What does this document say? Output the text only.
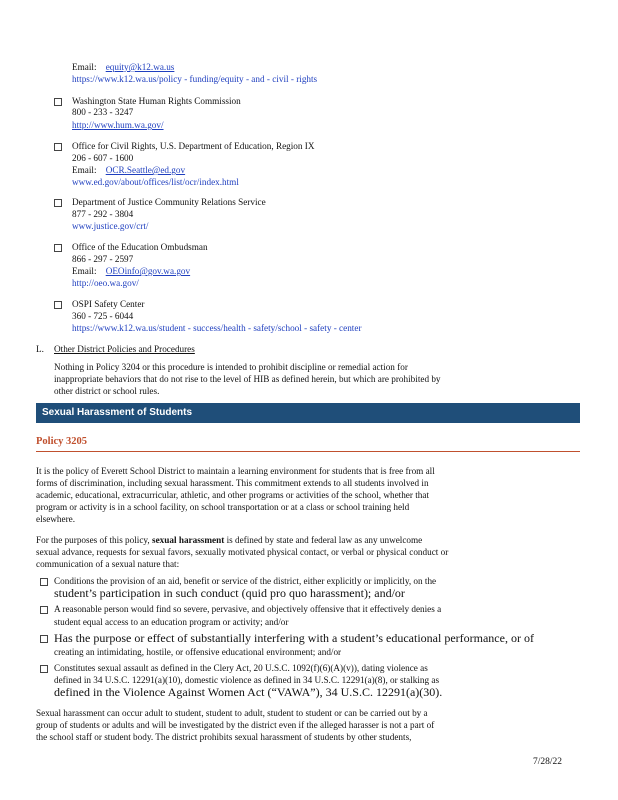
Email: equity@k12.wa.us
https://www.k12.wa.us/policy - funding/equity - and - civil - rights
Washington State Human Rights Commission
800 - 233 - 3247
http://www.hum.wa.gov/
Office for Civil Rights, U.S. Department of Education, Region IX
206 - 607 - 1600
Email: OCR.Seattle@ed.gov
www.ed.gov/about/offices/list/ocr/index.html
Department of Justice Community Relations Service
877 - 292 - 3804
www.justice.gov/crt/
Office of the Education Ombudsman
866 - 297 - 2597
Email: OEOinfo@gov.wa.gov
http://oeo.wa.gov/
OSPI Safety Center
360 - 725 - 6044
https://www.k12.wa.us/student - success/health - safety/school - safety - center
L. Other District Policies and Procedures
Nothing in Policy 3204 or this procedure is intended to prohibit discipline or remedial action for
inappropriate behaviors that do not rise to the level of HIB as defined herein, but which are prohibited by
other district or school rules.
Sexual Harassment of Students
Policy 3205
It is the policy of Everett School District to maintain a learning environment for students that is free from all
forms of discrimination, including sexual harassment. This commitment extends to all students involved in
academic, educational, extracurricular, athletic, and other programs or activities of the school, whether that
program or activity is in a school facility, on school transportation or at a class or school training held
elsewhere.
For the purposes of this policy, sexual harassment is defined by state and federal law as any unwelcome
sexual advance, requests for sexual favors, sexually motivated physical contact, or verbal or physical conduct or
communication of a sexual nature that:
Conditions the provision of an aid, benefit or service of the district, either explicitly or implicitly, on the
student’s participation in such conduct (quid pro quo harassment); and/or
A reasonable person would find so severe, pervasive, and objectively offensive that it effectively denies a
student equal access to an education program or activity; and/or
Has the purpose or effect of substantially interfering with a student’s educational performance, or of
creating an intimidating, hostile, or offensive educational environment; and/or
Constitutes sexual assault as defined in the Clery Act, 20 U.S.C. 1092(f)(6)(A)(v)), dating violence as
defined in 34 U.S.C. 12291(a)(10), domestic violence as defined in 34 U.S.C. 12291(a)(8), or stalking as
defined in the Violence Against Women Act (“VAWA”), 34 U.S.C. 12291(a)(30).
Sexual harassment can occur adult to student, student to adult, student to student or can be carried out by a
group of students or adults and will be investigated by the district even if the alleged harasser is not a part of
the school staff or student body. The district prohibits sexual harassment of students by other students,
7/28/22
